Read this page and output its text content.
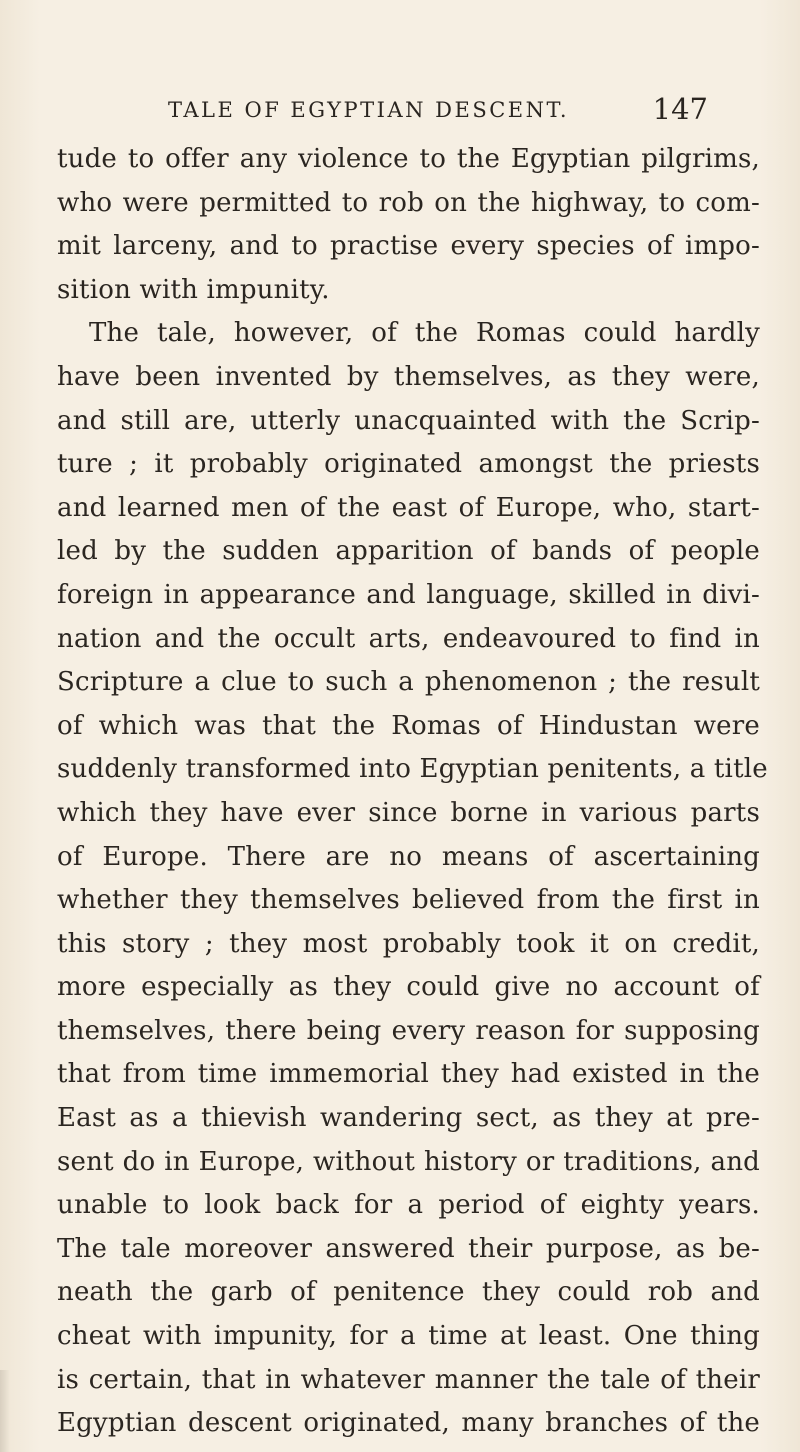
TALE OF EGYPTIAN DESCENT.	147
tude to offer any violence to the Egyptian pilgrims,
who were permitted to rob on the highway, to com-
mit larceny, and to practise every species of impo-
sition with impunity.
The tale, however, of the Romas could hardly
have been invented by themselves, as they were,
and still are, utterly unacquainted with the Scrip-
ture ; it probably originated amongst the priests
and learned men of the east of Europe, who, start-
led by the sudden apparition of bands of people
foreign in appearance and language, skilled in divi-
nation and the occult arts, endeavoured to find in
Scripture a clue to such a phenomenon ; the result
of which was that the Romas of Hindustan were
suddenly transformed into Egyptian penitents, a title
which they have ever since borne in various parts
of Europe. There are no means of ascertaining
whether they themselves believed from the first in
this story ; they most probably took it on credit,
more especially as they could give no account of
themselves, there being every reason for supposing
that from time immemorial they had existed in the
East as a thievish wandering sect, as they at pre-
sent do in Europe, without history or traditions, and
unable to look back for a period of eighty years.
The tale moreover answered their purpose, as be-
neath the garb of penitence they could rob and
cheat with impunity, for a time at least. One thing
is certain, that in whatever manner the tale of their
Egyptian descent originated, many branches of the
